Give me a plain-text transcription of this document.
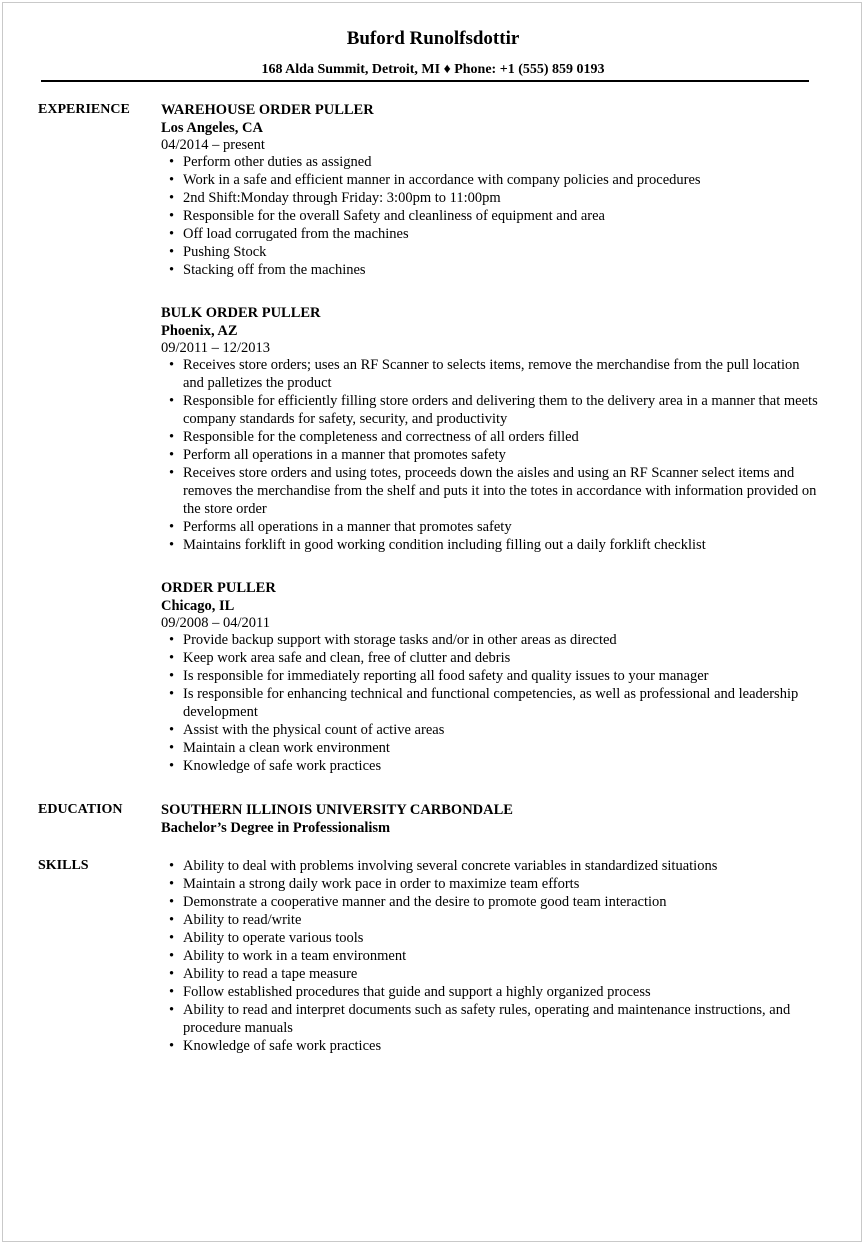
Buford Runolfsdottir
168 Alda Summit, Detroit, MI ♦ Phone: +1 (555) 859 0193
EXPERIENCE WAREHOUSE ORDER PULLER
Los Angeles, CA
04/2014 – present
• Perform other duties as assigned
• Work in a safe and efficient manner in accordance with company policies and procedures
• 2nd Shift:Monday through Friday: 3:00pm to 11:00pm
• Responsible for the overall Safety and cleanliness of equipment and area
• Off load corrugated from the machines
• Pushing Stock
• Stacking off from the machines
BULK ORDER PULLER
Phoenix, AZ
09/2011 – 12/2013
• Receives store orders; uses an RF Scanner to selects items, remove the merchandise from the pull location and palletizes the product
• Responsible for efficiently filling store orders and delivering them to the delivery area in a manner that meets company standards for safety, security, and productivity
• Responsible for the completeness and correctness of all orders filled
• Perform all operations in a manner that promotes safety
• Receives store orders and using totes, proceeds down the aisles and using an RF Scanner select items and removes the merchandise from the shelf and puts it into the totes in accordance with information provided on the store order
• Performs all operations in a manner that promotes safety
• Maintains forklift in good working condition including filling out a daily forklift checklist
ORDER PULLER
Chicago, IL
09/2008 – 04/2011
• Provide backup support with storage tasks and/or in other areas as directed
• Keep work area safe and clean, free of clutter and debris
• Is responsible for immediately reporting all food safety and quality issues to your manager
• Is responsible for enhancing technical and functional competencies, as well as professional and leadership development
• Assist with the physical count of active areas
• Maintain a clean work environment
• Knowledge of safe work practices
EDUCATION	SOUTHERN ILLINOIS UNIVERSITY CARBONDALE
Bachelor’s Degree in Professionalism
SKILLS
•	Ability to deal with problems involving several concrete variables in standardized situations
• Maintain a strong daily work pace in order to maximize team efforts
• Demonstrate a cooperative manner and the desire to promote good team interaction
• Ability to read/write
• Ability to operate various tools
• Ability to work in a team environment
• Ability to read a tape measure
• Follow established procedures that guide and support a highly organized process
• Ability to read and interpret documents such as safety rules, operating and maintenance instructions, and procedure manuals
• Knowledge of safe work practices
